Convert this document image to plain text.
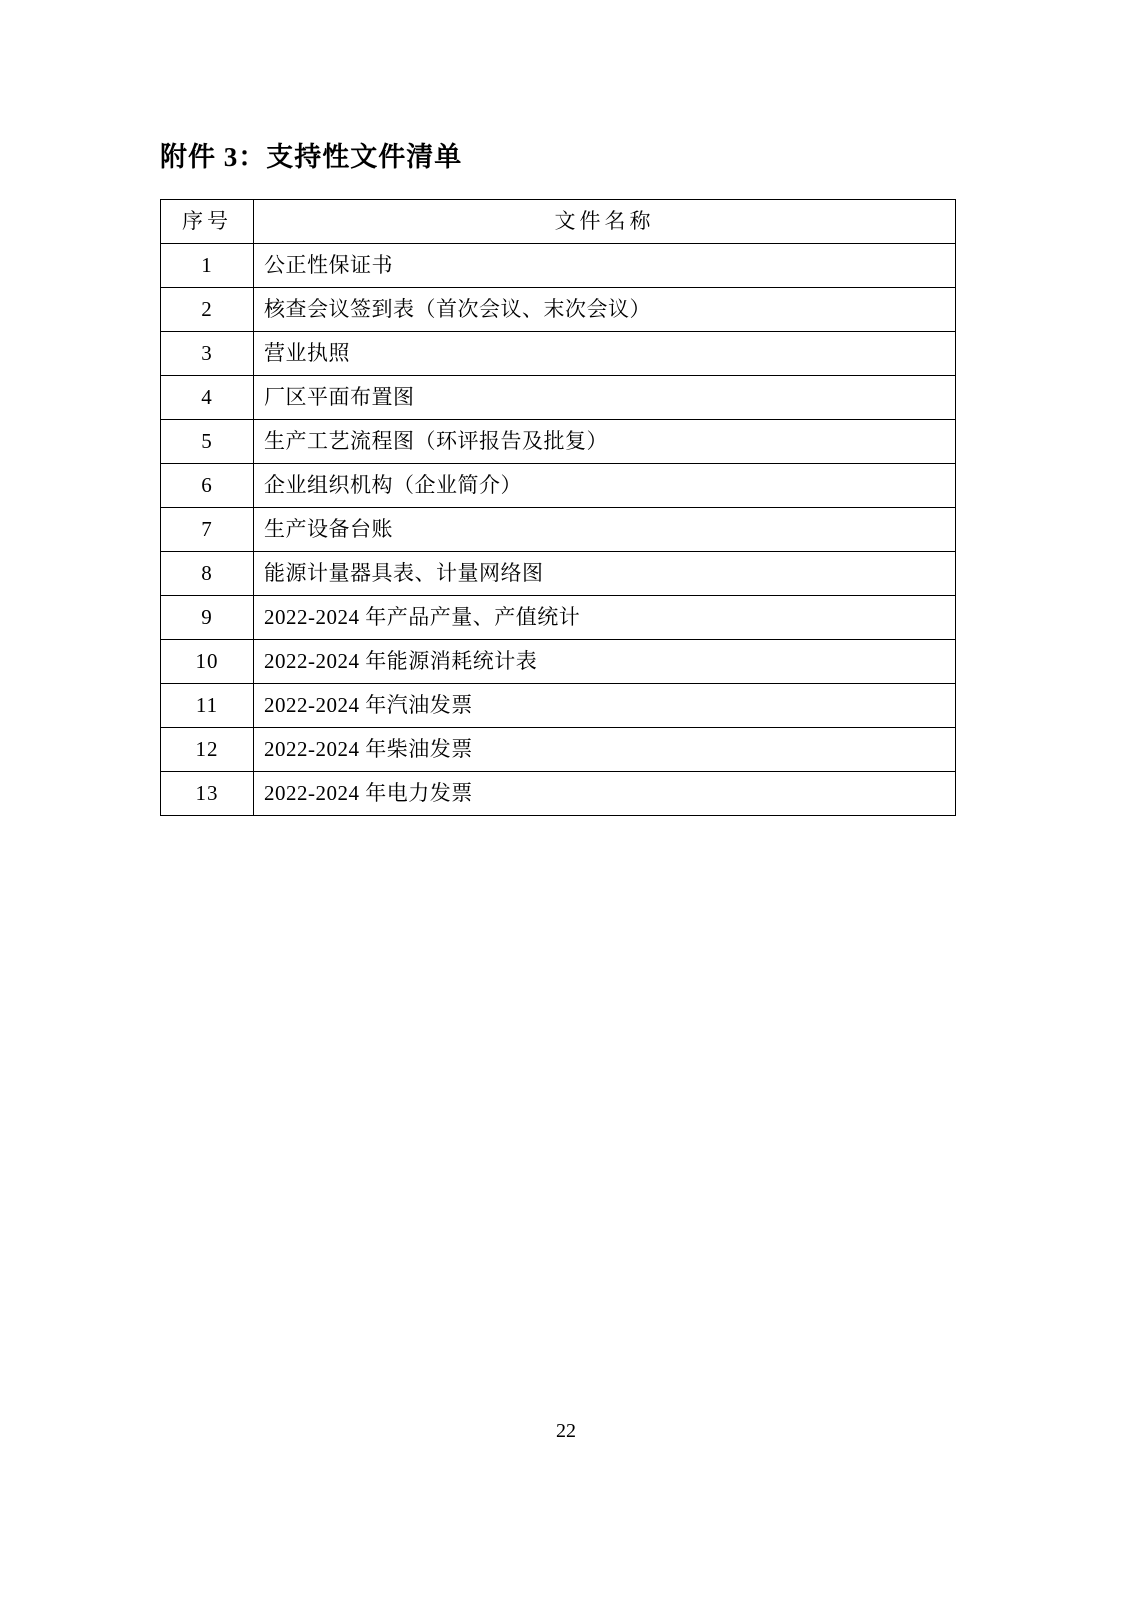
附件 3：支持性文件清单
序号	文件名称
1	公正性保证书
2	核查会议签到表（首次会议、末次会议）
3	营业执照
4	厂区平面布置图
5	生产工艺流程图（环评报告及批复）
6	企业组织机构（企业简介）
7	生产设备台账
8	能源计量器具表、计量网络图
9	2022-2024 年产品产量、产值统计
10	2022-2024 年能源消耗统计表
11	2022-2024 年汽油发票
12	2022-2024 年柴油发票
13	2022-2024 年电力发票
22
